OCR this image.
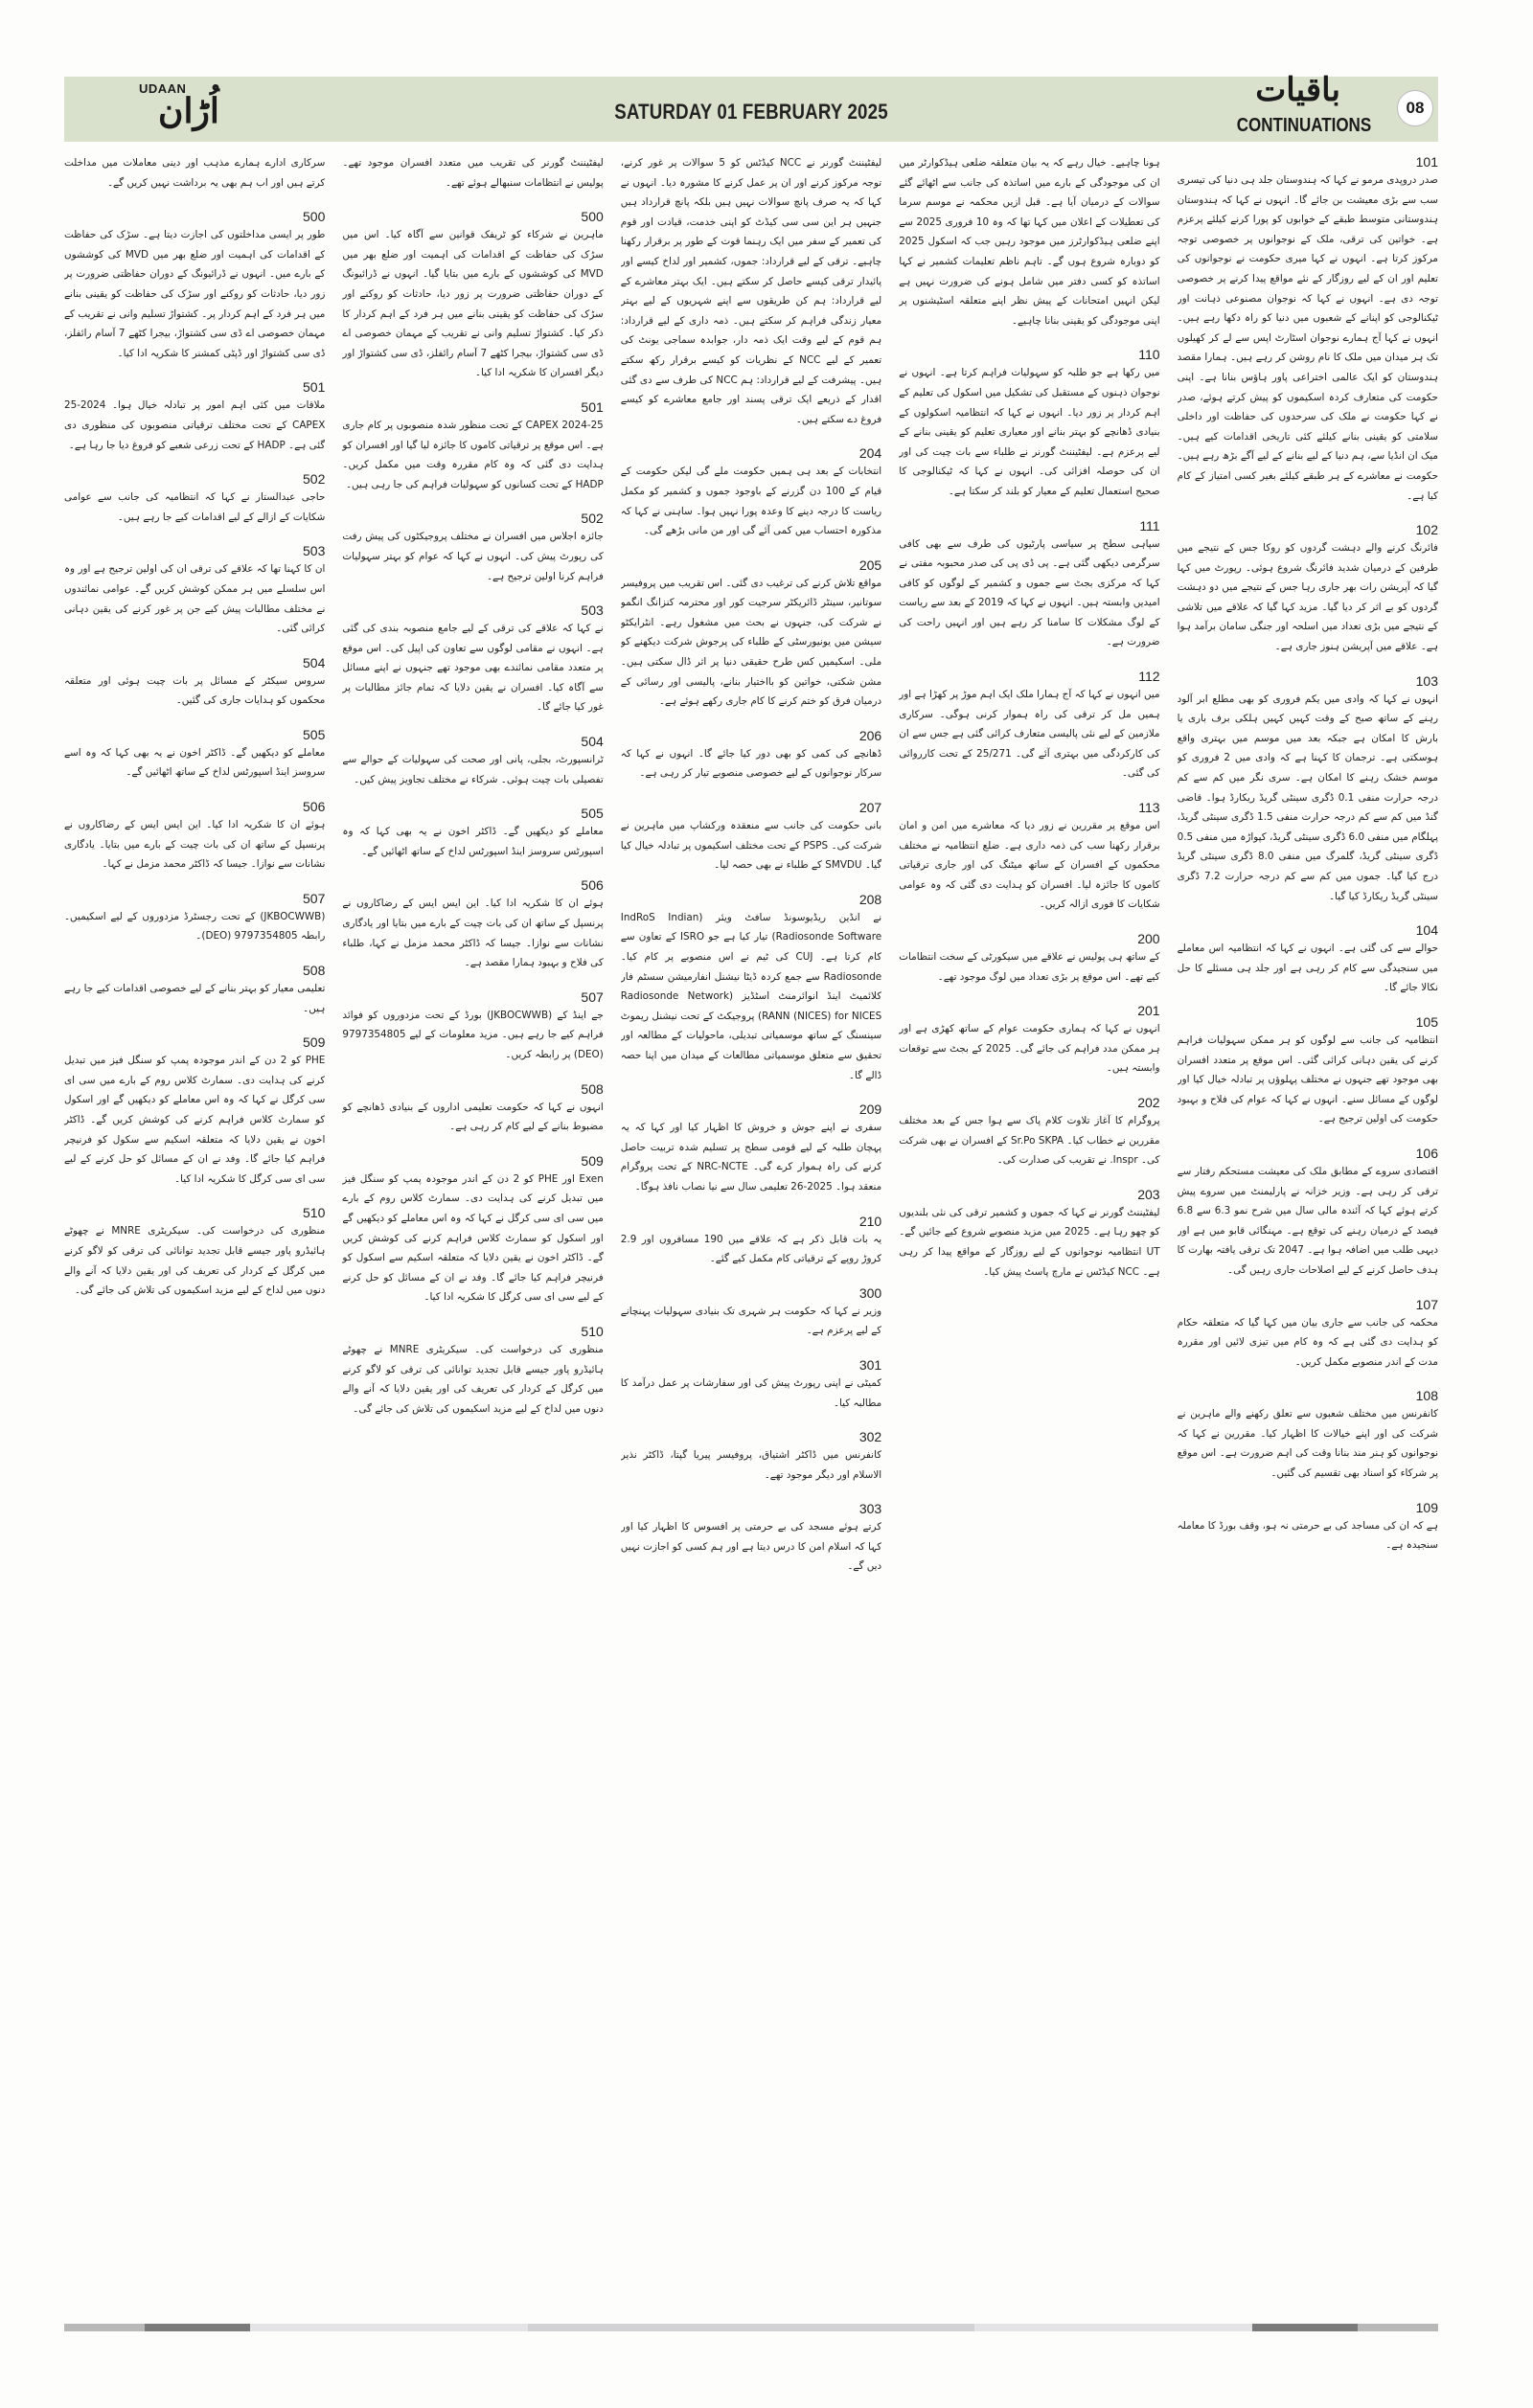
UDAAN
اُڑان	SATURDAY 01 FEBRUARY 2025
باقیات
CONTINUATIONS
08
101
صدر دروپدی مرمو نے کہا کہ ہندوستان جلد ہی دنیا کی تیسری سب سے بڑی معیشت بن جائے گا۔ انہوں نے کہا کہ ہندوستان ہندوستانی متوسط طبقے کے خوابوں کو پورا کرنے کیلئے پرعزم ہے۔ خواتین کی ترقی، ملک کے نوجوانوں پر خصوصی توجہ مرکوز کرتا ہے۔ انہوں نے کہا میری حکومت نے نوجوانوں کی تعلیم اور ان کے لیے روزگار کے نئے مواقع پیدا کرنے پر خصوصی توجہ دی ہے۔ انہوں نے کہا کہ نوجوان مصنوعی ذہانت اور ٹیکنالوجی کو اپنانے کے شعبوں میں دنیا کو راہ دکھا رہے ہیں۔ انہوں نے کہا آج ہمارے نوجوان اسٹارٹ اپس سے لے کر کھیلوں تک ہر میدان میں ملک کا نام روشن کر رہے ہیں۔ ہمارا مقصد ہندوستان کو ایک عالمی اختراعی پاور ہاؤس بنانا ہے۔ اپنی حکومت کی متعارف کردہ اسکیموں کو پیش کرتے ہوئے، صدر نے کہا حکومت نے ملک کی سرحدوں کی حفاظت اور داخلی سلامتی کو یقینی بنانے کیلئے کئی تاریخی اقدامات کیے ہیں۔ میک ان انڈیا سے، ہم دنیا کے لیے بنانے کے لیے آگے بڑھ رہے ہیں۔ حکومت نے معاشرے کے ہر طبقے کیلئے بغیر کسی امتیاز کے کام کیا ہے۔
102
فائرنگ کرنے والے دہشت گردوں کو روکا جس کے نتیجے میں طرفین کے درمیان شدید فائرنگ شروع ہوئی۔ رپورٹ میں کہا گیا کہ آپریشن رات بھر جاری رہا جس کے نتیجے میں دو دہشت گردوں کو بے اثر کر دیا گیا۔ مزید کہا گیا کہ علاقے میں تلاشی کے نتیجے میں بڑی تعداد میں اسلحہ اور جنگی سامان برآمد ہوا ہے۔ علاقے میں آپریشن ہنوز جاری ہے۔
103
انہوں نے کہا کہ وادی میں یکم فروری کو بھی مطلع ابر آلود رہنے کے ساتھ صبح کے وقت کہیں کہیں ہلکی برف باری یا بارش کا امکان ہے جبکہ بعد میں موسم میں بہتری واقع ہوسکتی ہے۔ ترجمان کا کہنا ہے کہ وادی میں 2 فروری کو موسم خشک رہنے کا امکان ہے۔ سری نگر میں کم سے کم درجہ حرارت منفی 0.1 ڈگری سینٹی گریڈ ریکارڈ ہوا۔ قاضی گنڈ میں کم سے کم درجہ حرارت منفی 1.5 ڈگری سینٹی گریڈ، پہلگام میں منفی 6.0 ڈگری سینٹی گریڈ، کپواڑہ میں منفی 0.5 ڈگری سینٹی گریڈ، گلمرگ میں منفی 8.0 ڈگری سینٹی گریڈ درج کیا گیا۔ جموں میں کم سے کم درجہ حرارت 7.2 ڈگری سینٹی گریڈ ریکارڈ کیا گیا۔
104
حوالے سے کی گئی ہے۔ انہوں نے کہا کہ انتظامیہ اس معاملے میں سنجیدگی سے کام کر رہی ہے اور جلد ہی مسئلے کا حل نکالا جائے گا۔
105
انتظامیہ کی جانب سے لوگوں کو ہر ممکن سہولیات فراہم کرنے کی یقین دہانی کرائی گئی۔ اس موقع پر متعدد افسران بھی موجود تھے جنہوں نے مختلف پہلوؤں پر تبادلہ خیال کیا اور لوگوں کے مسائل سنے۔ انہوں نے کہا کہ عوام کی فلاح و بہبود حکومت کی اولین ترجیح ہے۔
106
اقتصادی سروے کے مطابق ملک کی معیشت مستحکم رفتار سے ترقی کر رہی ہے۔ وزیر خزانہ نے پارلیمنٹ میں سروے پیش کرتے ہوئے کہا کہ آئندہ مالی سال میں شرح نمو 6.3 سے 6.8 فیصد کے درمیان رہنے کی توقع ہے۔ مہنگائی قابو میں ہے اور دیہی طلب میں اضافہ ہوا ہے۔ 2047 تک ترقی یافتہ بھارت کا ہدف حاصل کرنے کے لیے اصلاحات جاری رہیں گی۔
107
محکمہ کی جانب سے جاری بیان میں کہا گیا کہ متعلقہ حکام کو ہدایت دی گئی ہے کہ وہ کام میں تیزی لائیں اور مقررہ مدت کے اندر منصوبے مکمل کریں۔
108
کانفرنس میں مختلف شعبوں سے تعلق رکھنے والے ماہرین نے شرکت کی اور اپنے خیالات کا اظہار کیا۔ مقررین نے کہا کہ نوجوانوں کو ہنر مند بنانا وقت کی اہم ضرورت ہے۔ اس موقع پر شرکاء کو اسناد بھی تقسیم کی گئیں۔
109
ہے کہ ان کی مساجد کی بے حرمتی نہ ہو، وقف بورڈ کا معاملہ سنجیدہ ہے۔
ہونا چاہیے۔ خیال رہے کہ یہ بیان متعلقہ ضلعی ہیڈکوارٹر میں ان کی موجودگی کے بارے میں اساتذہ کی جانب سے اٹھائے گئے سوالات کے درمیان آیا ہے۔ قبل ازیں محکمہ نے موسم سرما کی تعطیلات کے اعلان میں کہا تھا کہ وہ 10 فروری 2025 سے اپنے ضلعی ہیڈکوارٹرز میں موجود رہیں جب کہ اسکول 2025 کو دوبارہ شروع ہوں گے۔ تاہم ناظم تعلیمات کشمیر نے کہا اساتذہ کو کسی دفتر میں شامل ہونے کی ضرورت نہیں ہے لیکن انہیں امتحانات کے پیش نظر اپنے متعلقہ اسٹیشنوں پر اپنی موجودگی کو یقینی بنانا چاہیے۔
110
میں رکھا ہے جو طلبہ کو سہولیات فراہم کرتا ہے۔ انہوں نے نوجوان ذہنوں کے مستقبل کی تشکیل میں اسکول کی تعلیم کے اہم کردار پر زور دیا۔ انہوں نے کہا کہ انتظامیہ اسکولوں کے بنیادی ڈھانچے کو بہتر بنانے اور معیاری تعلیم کو یقینی بنانے کے لیے پرعزم ہے۔ لیفٹیننٹ گورنر نے طلباء سے بات چیت کی اور ان کی حوصلہ افزائی کی۔ انہوں نے کہا کہ ٹیکنالوجی کا صحیح استعمال تعلیم کے معیار کو بلند کر سکتا ہے۔
111
سپاہی سطح پر سیاسی پارٹیوں کی طرف سے بھی کافی سرگرمی دیکھی گئی ہے۔ پی ڈی پی کی صدر محبوبہ مفتی نے کہا کہ مرکزی بجٹ سے جموں و کشمیر کے لوگوں کو کافی امیدیں وابستہ ہیں۔ انہوں نے کہا کہ 2019 کے بعد سے ریاست کے لوگ مشکلات کا سامنا کر رہے ہیں اور انہیں راحت کی ضرورت ہے۔
112
میں انہوں نے کہا کہ آج ہمارا ملک ایک اہم موڑ پر کھڑا ہے اور ہمیں مل کر ترقی کی راہ ہموار کرنی ہوگی۔ سرکاری ملازمین کے لیے نئی پالیسی متعارف کرائی گئی ہے جس سے ان کی کارکردگی میں بہتری آئے گی۔ 25/271 کے تحت کارروائی کی گئی۔
113
اس موقع پر مقررین نے زور دیا کہ معاشرے میں امن و امان برقرار رکھنا سب کی ذمہ داری ہے۔ ضلع انتظامیہ نے مختلف محکموں کے افسران کے ساتھ میٹنگ کی اور جاری ترقیاتی کاموں کا جائزہ لیا۔ افسران کو ہدایت دی گئی کہ وہ عوامی شکایات کا فوری ازالہ کریں۔
200
کے ساتھ ہی پولیس نے علاقے میں سیکورٹی کے سخت انتظامات کیے تھے۔ اس موقع پر بڑی تعداد میں لوگ موجود تھے۔
201
انہوں نے کہا کہ ہماری حکومت عوام کے ساتھ کھڑی ہے اور ہر ممکن مدد فراہم کی جائے گی۔ 2025 کے بجٹ سے توقعات وابستہ ہیں۔
202
پروگرام کا آغاز تلاوت کلام پاک سے ہوا جس کے بعد مختلف مقررین نے خطاب کیا۔ Sr.Po SKPA کے افسران نے بھی شرکت کی۔ Inspr. نے تقریب کی صدارت کی۔
203
لیفٹیننٹ گورنر نے کہا کہ جموں و کشمیر ترقی کی نئی بلندیوں کو چھو رہا ہے۔ 2025 میں مزید منصوبے شروع کیے جائیں گے۔ UT انتظامیہ نوجوانوں کے لیے روزگار کے مواقع پیدا کر رہی ہے۔ NCC کیڈٹس نے مارچ پاسٹ پیش کیا۔
لیفٹیننٹ گورنر نے NCC کیڈٹس کو 5 سوالات پر غور کرنے، توجہ مرکوز کرنے اور ان پر عمل کرنے کا مشورہ دیا۔ انہوں نے کہا کہ یہ صرف پانچ سوالات نہیں ہیں بلکہ پانچ قرارداد ہیں جنہیں ہر این سی سی کیڈٹ کو اپنی خدمت، قیادت اور قوم کی تعمیر کے سفر میں ایک رہنما قوت کے طور پر برقرار رکھنا چاہیے۔ ترقی کے لیے قرارداد: جموں، کشمیر اور لداخ کیسے اور پائیدار ترقی کیسے حاصل کر سکتے ہیں۔ ایک بہتر معاشرے کے لیے قرارداد: ہم کن طریقوں سے اپنے شہریوں کے لیے بہتر معیار زندگی فراہم کر سکتے ہیں۔ ذمہ داری کے لیے قرارداد: ہم قوم کے لیے وقت ایک ذمہ دار، جوابدہ سماجی یونٹ کی تعمیر کے لیے NCC کے نظریات کو کیسے برقرار رکھ سکتے ہیں۔ پیشرفت کے لیے قرارداد: ہم NCC کی طرف سے دی گئی اقدار کے ذریعے ایک ترقی پسند اور جامع معاشرے کو کیسے فروغ دے سکتے ہیں۔
204
انتخابات کے بعد ہی ہمیں حکومت ملے گی لیکن حکومت کے قیام کے 100 دن گزرنے کے باوجود جموں و کشمیر کو مکمل ریاست کا درجہ دینے کا وعدہ پورا نہیں ہوا۔ ساہنی نے کہا کہ مذکورہ احتساب میں کمی آئے گی اور من مانی بڑھے گی۔
205
مواقع تلاش کرنے کی ترغیب دی گئی۔ اس تقریب میں پروفیسر سوتانیر، سینٹر ڈائریکٹر سرجیت کور اور محترمہ کنزانگ انگمو نے شرکت کی، جنہوں نے بحث میں مشغول رہے۔ انٹرایکٹو سیشن میں یونیورسٹی کے طلباء کی پرجوش شرکت دیکھنے کو ملی۔ اسکیمیں کس طرح حقیقی دنیا پر اثر ڈال سکتی ہیں۔ مشن شکتی، خواتین کو بااختیار بنانے، پالیسی اور رسائی کے درمیان فرق کو ختم کرنے کا کام جاری رکھے ہوئے ہے۔
206
ڈھانچے کی کمی کو بھی دور کیا جائے گا۔ انہوں نے کہا کہ سرکار نوجوانوں کے لیے خصوصی منصوبے تیار کر رہی ہے۔
207
بانی حکومت کی جانب سے منعقدہ ورکشاپ میں ماہرین نے شرکت کی۔ PSPS کے تحت مختلف اسکیموں پر تبادلہ خیال کیا گیا۔ SMVDU کے طلباء نے بھی حصہ لیا۔
208
نے انڈین ریڈیوسونڈ سافٹ ویئر (IndRoS Indian Radiosonde Software) تیار کیا ہے جو ISRO کے تعاون سے کام کرتا ہے۔ CUJ کی ٹیم نے اس منصوبے پر کام کیا۔ Radiosonde سے جمع کردہ ڈیٹا نیشنل انفارمیشن سسٹم فار کلائمیٹ اینڈ انوائرمنٹ اسٹڈیز (Radiosonde Network RANN (NICES) for NICES) پروجیکٹ کے تحت نیشنل ریموٹ سینسنگ کے ساتھ موسمیاتی تبدیلی، ماحولیات کے مطالعہ اور تحقیق سے متعلق موسمیاتی مطالعات کے میدان میں اپنا حصہ ڈالے گا۔
209
سفری نے اپنے جوش و خروش کا اظہار کیا اور کہا کہ یہ پہچان طلبہ کے لیے قومی سطح پر تسلیم شدہ تربیت حاصل کرنے کی راہ ہموار کرے گی۔ NRC-NCTE کے تحت پروگرام منعقد ہوا۔ 2025-26 تعلیمی سال سے نیا نصاب نافذ ہوگا۔
210
یہ بات قابل ذکر ہے کہ علاقے میں 190 مسافروں اور 2.9 کروڑ روپے کے ترقیاتی کام مکمل کیے گئے۔
300
وزیر نے کہا کہ حکومت ہر شہری تک بنیادی سہولیات پہنچانے کے لیے پرعزم ہے۔
301
کمیٹی نے اپنی رپورٹ پیش کی اور سفارشات پر عمل درآمد کا مطالبہ کیا۔
302
کانفرنس میں ڈاکٹر اشتیاق، پروفیسر پیریا گپتا، ڈاکٹر نذیر الاسلام اور دیگر موجود تھے۔
303
کرتے ہوئے مسجد کی بے حرمتی پر افسوس کا اظہار کیا اور کہا کہ اسلام امن کا درس دیتا ہے اور ہم کسی کو اجازت نہیں دیں گے۔
لیفٹیننٹ گورنر کی تقریب میں متعدد افسران موجود تھے۔ پولیس نے انتظامات سنبھالے ہوئے تھے۔
500
ماہرین نے شرکاء کو ٹریفک قوانین سے آگاہ کیا۔ اس میں سڑک کی حفاظت کے اقدامات کی اہمیت اور ضلع بھر میں MVD کی کوششوں کے بارے میں بتایا گیا۔ انہوں نے ڈرائیونگ کے دوران حفاظتی ضرورت پر زور دیا، حادثات کو روکنے اور سڑک کی حفاظت کو یقینی بنانے میں ہر فرد کے اہم کردار کا ذکر کیا۔ کشتواڑ تسلیم وانی نے تقریب کے مہمان خصوصی اے ڈی سی کشتواڑ، بیجرا کٹھے 7 آسام رائفلز، ڈی سی کشتواڑ اور دیگر افسران کا شکریہ ادا کیا۔
501
CAPEX 2024-25 کے تحت منظور شدہ منصوبوں پر کام جاری ہے۔ اس موقع پر ترقیاتی کاموں کا جائزہ لیا گیا اور افسران کو ہدایت دی گئی کہ وہ کام مقررہ وقت میں مکمل کریں۔ HADP کے تحت کسانوں کو سہولیات فراہم کی جا رہی ہیں۔
502
جائزہ اجلاس میں افسران نے مختلف پروجیکٹوں کی پیش رفت کی رپورٹ پیش کی۔ انہوں نے کہا کہ عوام کو بہتر سہولیات فراہم کرنا اولین ترجیح ہے۔
503
نے کہا کہ علاقے کی ترقی کے لیے جامع منصوبہ بندی کی گئی ہے۔ انہوں نے مقامی لوگوں سے تعاون کی اپیل کی۔ اس موقع پر متعدد مقامی نمائندے بھی موجود تھے جنہوں نے اپنے مسائل سے آگاہ کیا۔ افسران نے یقین دلایا کہ تمام جائز مطالبات پر غور کیا جائے گا۔
504
ٹرانسپورٹ، بجلی، پانی اور صحت کی سہولیات کے حوالے سے تفصیلی بات چیت ہوئی۔ شرکاء نے مختلف تجاویز پیش کیں۔
505
معاملے کو دیکھیں گے۔ ڈاکٹر اخون نے یہ بھی کہا کہ وہ اسپورٹس سروسز اینڈ اسپورٹس لداخ کے ساتھ اٹھائیں گے۔
506
ہوئے ان کا شکریہ ادا کیا۔ این ایس ایس کے رضاکاروں نے پرنسپل کے ساتھ ان کی بات چیت کے بارے میں بتایا اور یادگاری نشانات سے نوازا۔ جیسا کہ ڈاکٹر محمد مزمل نے کہا، طلباء کی فلاح و بہبود ہمارا مقصد ہے۔
507
جے اینڈ کے (JKBOCWWB) بورڈ کے تحت مزدوروں کو فوائد فراہم کیے جا رہے ہیں۔ مزید معلومات کے لیے 9797354805 (DEO) پر رابطہ کریں۔
508
انہوں نے کہا کہ حکومت تعلیمی اداروں کے بنیادی ڈھانچے کو مضبوط بنانے کے لیے کام کر رہی ہے۔
509
Exen اور PHE کو 2 دن کے اندر موجودہ پمپ کو سنگل فیز میں تبدیل کرنے کی ہدایت دی۔ سمارٹ کلاس روم کے بارے میں سی ای سی کرگل نے کہا کہ وہ اس معاملے کو دیکھیں گے اور اسکول کو سمارٹ کلاس فراہم کرنے کی کوشش کریں گے۔ ڈاکٹر اخون نے یقین دلایا کہ متعلقہ اسکیم سے اسکول کو فرنیچر فراہم کیا جائے گا۔ وفد نے ان کے مسائل کو حل کرنے کے لیے سی ای سی کرگل کا شکریہ ادا کیا۔
510
منظوری کی درخواست کی۔ سیکریٹری MNRE نے چھوٹے ہائیڈرو پاور جیسے قابل تجدید توانائی کی ترقی کو لاگو کرنے میں کرگل کے کردار کی تعریف کی اور یقین دلایا کہ آنے والے دنوں میں لداخ کے لیے مزید اسکیموں کی تلاش کی جائے گی۔
سرکاری ادارے ہمارے مذہب اور دینی معاملات میں مداخلت کرتے ہیں اور اب ہم بھی یہ برداشت نہیں کریں گے۔
500
طور پر ایسی مداخلتوں کی اجازت دیتا ہے۔ سڑک کی حفاظت کے اقدامات کی اہمیت اور ضلع بھر میں MVD کی کوششوں کے بارے میں۔ انہوں نے ڈرائیونگ کے دوران حفاظتی ضرورت پر زور دیا، حادثات کو روکنے اور سڑک کی حفاظت کو یقینی بنانے میں ہر فرد کے اہم کردار پر۔ کشتواڑ تسلیم وانی نے تقریب کے مہمان خصوصی اے ڈی سی کشتواڑ، بیجرا کٹھے 7 آسام رائفلز، ڈی سی کشتواڑ اور ڈپٹی کمشنر کا شکریہ ادا کیا۔
501
ملاقات میں کئی اہم امور پر تبادلہ خیال ہوا۔ 2024-25 CAPEX کے تحت مختلف ترقیاتی منصوبوں کی منظوری دی گئی ہے۔ HADP کے تحت زرعی شعبے کو فروغ دیا جا رہا ہے۔
502
حاجی عبدالستار نے کہا کہ انتظامیہ کی جانب سے عوامی شکایات کے ازالے کے لیے اقدامات کیے جا رہے ہیں۔
503
ان کا کہنا تھا کہ علاقے کی ترقی ان کی اولین ترجیح ہے اور وہ اس سلسلے میں ہر ممکن کوشش کریں گے۔ عوامی نمائندوں نے مختلف مطالبات پیش کیے جن پر غور کرنے کی یقین دہانی کرائی گئی۔
504
سروس سیکٹر کے مسائل پر بات چیت ہوئی اور متعلقہ محکموں کو ہدایات جاری کی گئیں۔
505
معاملے کو دیکھیں گے۔ ڈاکٹر اخون نے یہ بھی کہا کہ وہ اسے سروسز اینڈ اسپورٹس لداخ کے ساتھ اٹھائیں گے۔
506
ہوئے ان کا شکریہ ادا کیا۔ این ایس ایس کے رضاکاروں نے پرنسپل کے ساتھ ان کی بات چیت کے بارے میں بتایا۔ یادگاری نشانات سے نوازا۔ جیسا کہ ڈاکٹر محمد مزمل نے کہا۔
507
(JKBOCWWB) کے تحت رجسٹرڈ مزدوروں کے لیے اسکیمیں۔ رابطہ 9797354805 (DEO)۔
508
تعلیمی معیار کو بہتر بنانے کے لیے خصوصی اقدامات کیے جا رہے ہیں۔
509
PHE کو 2 دن کے اندر موجودہ پمپ کو سنگل فیز میں تبدیل کرنے کی ہدایت دی۔ سمارٹ کلاس روم کے بارے میں سی ای سی کرگل نے کہا کہ وہ اس معاملے کو دیکھیں گے اور اسکول کو سمارٹ کلاس فراہم کرنے کی کوشش کریں گے۔ ڈاکٹر اخون نے یقین دلایا کہ متعلقہ اسکیم سے سکول کو فرنیچر فراہم کیا جائے گا۔ وفد نے ان کے مسائل کو حل کرنے کے لیے سی ای سی کرگل کا شکریہ ادا کیا۔
510
منظوری کی درخواست کی۔ سیکریٹری MNRE نے چھوٹے ہائیڈرو پاور جیسے قابل تجدید توانائی کی ترقی کو لاگو کرنے میں کرگل کے کردار کی تعریف کی اور یقین دلایا کہ آنے والے دنوں میں لداخ کے لیے مزید اسکیموں کی تلاش کی جائے گی۔
